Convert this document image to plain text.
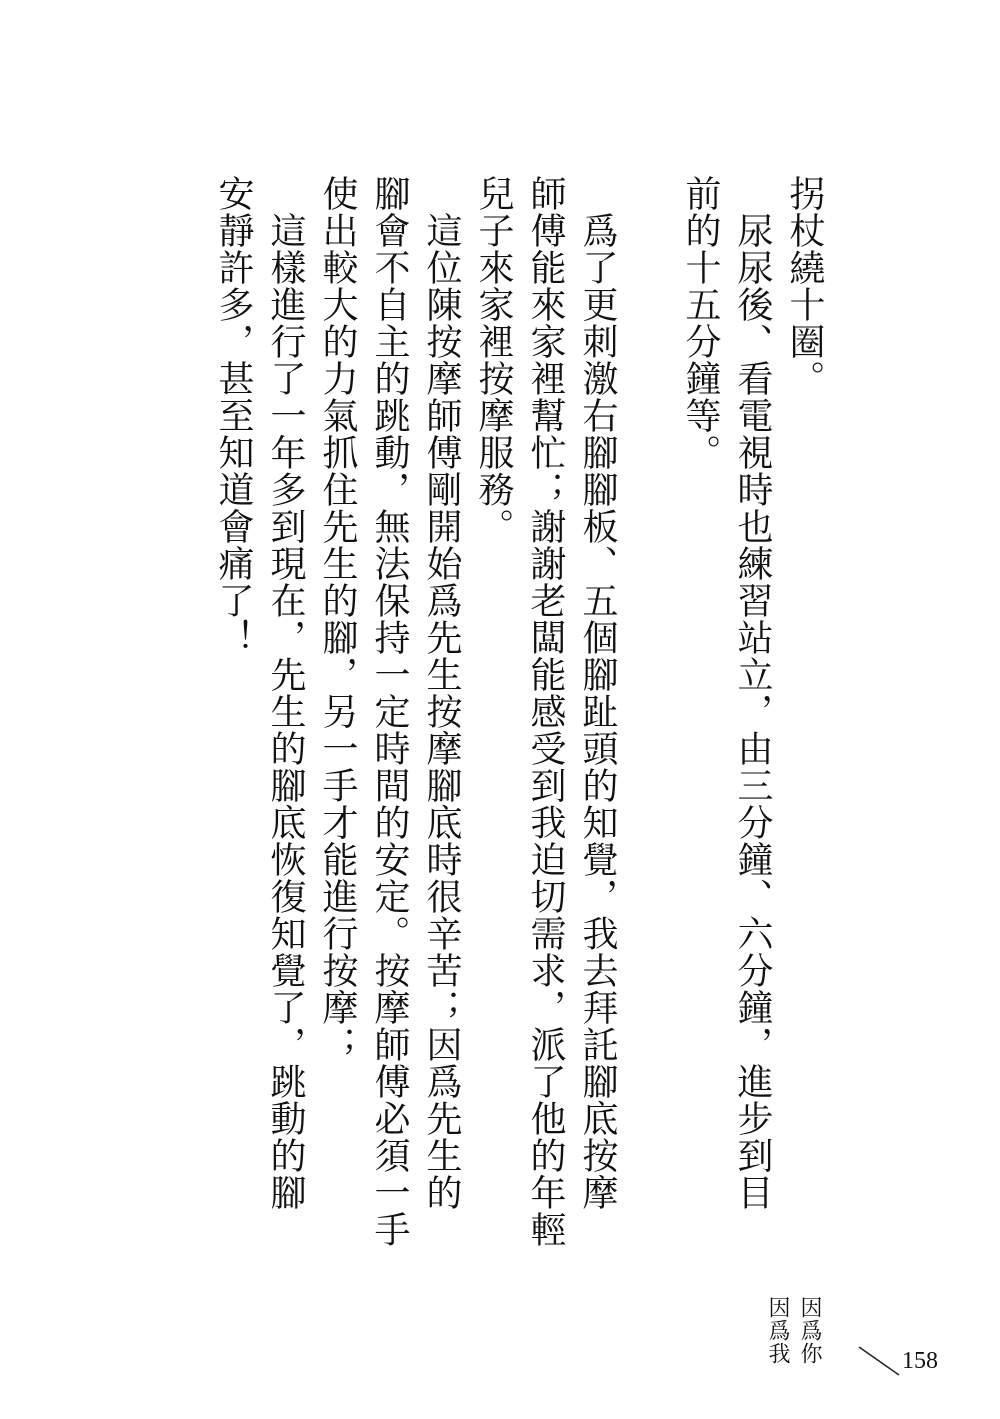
拐杖繞十圈。
　尿尿後、看電視時也練習站立，由三分鐘、六分鐘，進步到目
前的十五分鐘等。
　爲了更刺激右腳腳板、五個腳趾頭的知覺，我去拜託腳底按摩
師傅能來家裡幫忙；謝謝老闆能感受到我迫切需求，派了他的年輕
兒子來家裡按摩服務。
　這位陳按摩師傅剛開始爲先生按摩腳底時很辛苦；因爲先生的
腳會不自主的跳動，無法保持一定時間的安定。按摩師傅必須一手
使出較大的力氣抓住先生的腳，另一手才能進行按摩；
　這樣進行了一年多到現在，先生的腳底恢復知覺了，跳動的腳
安靜許多，甚至知道會痛了！
因爲你
因爲我	158
